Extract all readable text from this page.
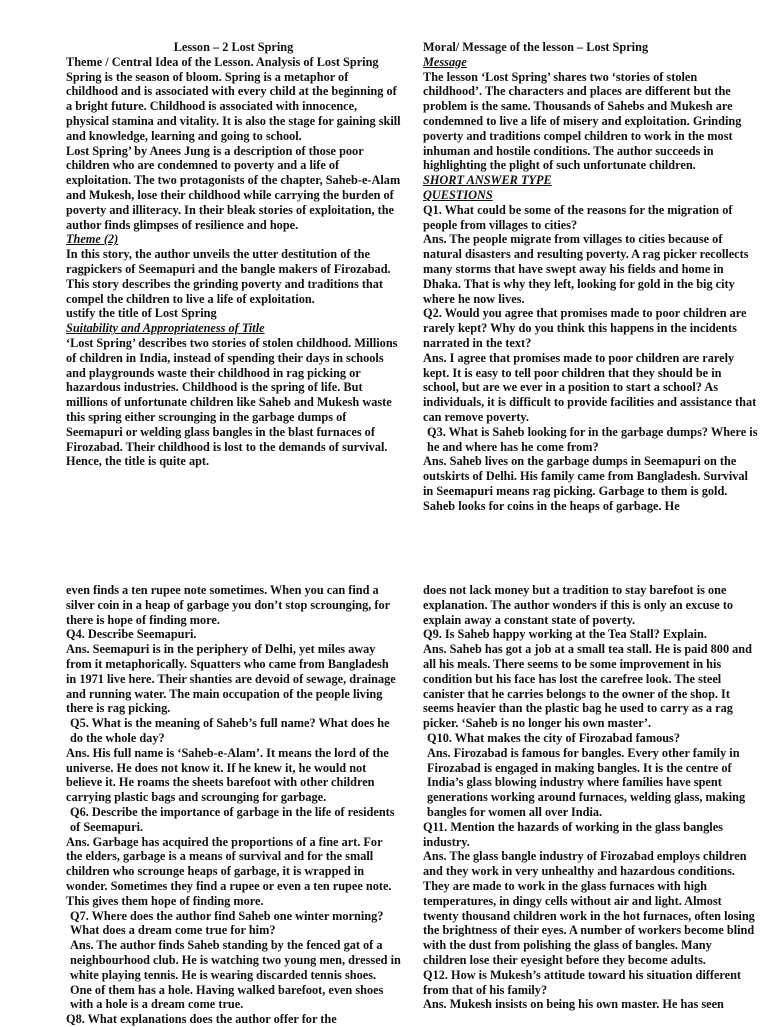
Lesson – 2 Lost Spring

Theme / Central Idea of the Lesson. Analysis of Lost Spring

Spring is the season of bloom. Spring is a metaphor of childhood and is associated with every child at the beginning of a bright future. Childhood is associated with innocence, physical stamina and vitality. It is also the stage for gaining skill and knowledge, learning and going to school.

Lost Spring’ by Anees Jung is a description of those poor children who are condemned to poverty and a life of exploitation. The two protagonists of the chapter, Saheb-e-Alam and Mukesh, lose their childhood while carrying the burden of poverty and illiteracy. In their bleak stories of exploitation, the author finds glimpses of resilience and hope.

Theme (2)

In this story, the author unveils the utter destitution of the ragpickers of Seemapuri and the bangle makers of Firozabad. This story describes the grinding poverty and traditions that compel the children to live a life of exploitation.

ustify the title of Lost Spring

Suitability and Appropriateness of Title

‘Lost Spring’ describes two stories of stolen childhood. Millions of children in India, instead of spending their days in schools and playgrounds waste their childhood in rag picking or hazardous industries. Childhood is the spring of life. But millions of unfortunate children like Saheb and Mukesh waste this spring either scrounging in the garbage dumps of Seemapuri or welding glass bangles in the blast furnaces of Firozabad. Their childhood is lost to the demands of survival. Hence, the title is quite apt.

Moral/ Message of the lesson – Lost Spring

Message

The lesson ‘Lost Spring’ shares two ‘stories of stolen childhood’. The characters and places are different but the problem is the same. Thousands of Sahebs and Mukesh are condemned to live a life of misery and exploitation. Grinding poverty and traditions compel children to work in the most inhuman and hostile conditions. The author succeeds in highlighting the plight of such unfortunate children.

SHORT ANSWER TYPE

QUESTIONS

Q1. What could be some of the reasons for the migration of people from villages to cities?

Ans. The people migrate from villages to cities because of natural disasters and resulting poverty. A rag picker recollects many storms that have swept away his fields and home in Dhaka. That is why they left, looking for gold in the big city where he now lives.

Q2. Would you agree that promises made to poor children are rarely kept? Why do you think this happens in the incidents narrated in the text?

Ans. I agree that promises made to poor children are rarely kept. It is easy to tell poor children that they should be in school, but are we ever in a position to start a school? As individuals, it is difficult to provide facilities and assistance that can remove poverty.

Q3. What is Saheb looking for in the garbage dumps? Where is he and where has he come from?

Ans. Saheb lives on the garbage dumps in Seemapuri on the outskirts of Delhi. His family came from Bangladesh. Survival in Seemapuri means rag picking. Garbage to them is gold. Saheb looks for coins in the heaps of garbage. He

even finds a ten rupee note sometimes. When you can find a silver coin in a heap of garbage you don’t stop scrounging, for there is hope of finding more.

Q4. Describe Seemapuri.

Ans. Seemapuri is in the periphery of Delhi, yet miles away from it metaphorically. Squatters who came from Bangladesh in 1971 live here. Their shanties are devoid of sewage, drainage and running water. The main occupation of the people living there is rag picking.

Q5. What is the meaning of Saheb’s full name? What does he do the whole day?

Ans. His full name is ‘Saheb-e-Alam’. It means the lord of the universe. He does not know it. If he knew it, he would not believe it. He roams the sheets barefoot with other children carrying plastic bags and scrounging for garbage.

Q6. Describe the importance of garbage in the life of residents of Seemapuri.

Ans. Garbage has acquired the proportions of a fine art. For the elders, garbage is a means of survival and for the small children who scrounge heaps of garbage, it is wrapped in wonder. Sometimes they find a rupee or even a ten rupee note. This gives them hope of finding more.

Q7. Where does the author find Saheb one winter morning? What does a dream come true for him?

Ans. The author finds Saheb standing by the fenced gat of a neighbourhood club. He is watching two young men, dressed in white playing tennis. He is wearing discarded tennis shoes. One of them has a hole. Having walked barefoot, even shoes with a hole is a dream come true.

Q8. What explanations does the author offer for the

does not lack money but a tradition to stay barefoot is one explanation. The author wonders if this is only an excuse to explain away a constant state of poverty.

Q9. Is Saheb happy working at the Tea Stall? Explain.

Ans. Saheb has got a job at a small tea stall. He is paid 800 and all his meals. There seems to be some improvement in his condition but his face has lost the carefree look. The steel canister that he carries belongs to the owner of the shop. It seems heavier than the plastic bag he used to carry as a rag picker. ‘Saheb is no longer his own master’.

Q10. What makes the city of Firozabad famous?

Ans. Firozabad is famous for bangles. Every other family in Firozabad is engaged in making bangles. It is the centre of India’s glass blowing industry where families have spent generations working around furnaces, welding glass, making bangles for women all over India.

Q11. Mention the hazards of working in the glass bangles industry.

Ans. The glass bangle industry of Firozabad employs children and they work in very unhealthy and hazardous conditions. They are made to work in the glass furnaces with high temperatures, in dingy cells without air and light. Almost twenty thousand children work in the hot furnaces, often losing the brightness of their eyes. A number of workers become blind with the dust from polishing the glass of bangles. Many children lose their eyesight before they become adults.

Q12. How is Mukesh’s attitude toward his situation different from that of his family?

Ans. Mukesh insists on being his own master. He has seen
